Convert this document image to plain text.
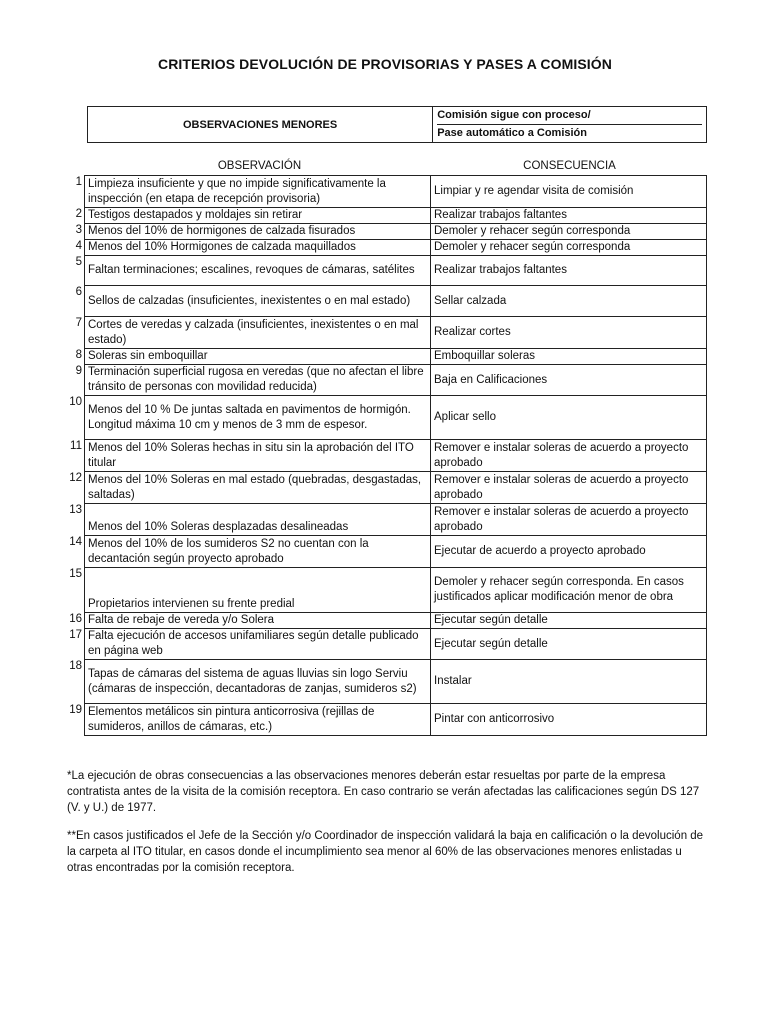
CRITERIOS DEVOLUCIÓN DE PROVISORIAS Y PASES A COMISIÓN
OBSERVACIONES MENORES	
Comisión sigue con proceso/
Pase automático a Comisión
OBSERVACIÓN	CONSECUENCIA
1	Limpieza insuficiente y que no impide significativamente la inspección (en etapa de recepción provisoria)	Limpiar y re agendar visita de comisión
2	Testigos destapados y moldajes sin retirar	Realizar trabajos faltantes
3	Menos del 10% de hormigones de calzada fisurados	Demoler y rehacer según corresponda
4	Menos del 10% Hormigones de calzada maquillados	Demoler y rehacer según corresponda
5	Faltan terminaciones; escalines, revoques de cámaras, satélites	Realizar trabajos faltantes
6	Sellos de calzadas (insuficientes, inexistentes o en mal estado)	Sellar calzada
7	Cortes de veredas y calzada (insuficientes, inexistentes o en mal estado)	Realizar cortes
8	Soleras sin emboquillar	Emboquillar soleras
9	Terminación superficial rugosa en veredas (que no afectan el libre tránsito de personas con movilidad reducida)	Baja en Calificaciones
10	Menos del 10 % De juntas saltada en pavimentos de hormigón. Longitud máxima 10 cm y menos de 3 mm de espesor.	Aplicar sello
11	Menos del 10% Soleras hechas in situ sin la aprobación del ITO titular	Remover e instalar soleras de acuerdo a proyecto aprobado
12	Menos del 10% Soleras en mal estado (quebradas, desgastadas, saltadas)	Remover e instalar soleras de acuerdo a proyecto aprobado
13	Menos del 10% Soleras desplazadas desalineadas	Remover e instalar soleras de acuerdo a proyecto aprobado
14	Menos del 10% de los sumideros S2 no cuentan con la decantación según proyecto aprobado	Ejecutar de acuerdo a proyecto aprobado
15	Propietarios intervienen su frente predial	Demoler y rehacer según corresponda. En casos justificados aplicar modificación menor de obra
16	Falta de rebaje de vereda y/o Solera	Ejecutar según detalle
17	Falta ejecución de accesos unifamiliares según detalle publicado en página web	Ejecutar según detalle
18	Tapas de cámaras del sistema de aguas lluvias sin logo Serviu (cámaras de inspección, decantadoras de zanjas, sumideros s2)	Instalar
19	Elementos metálicos sin pintura anticorrosiva (rejillas de sumideros, anillos de cámaras, etc.)	Pintar con anticorrosivo
*La ejecución de obras consecuencias a las observaciones menores deberán estar resueltas por parte de la empresa contratista antes de la visita de la comisión receptora. En caso contrario se verán afectadas las calificaciones según DS 127 (V. y U.) de 1977.
**En casos justificados el Jefe de la Sección y/o Coordinador de inspección validará la baja en calificación o la devolución de la carpeta al ITO titular, en casos donde el incumplimiento sea menor al 60% de las observaciones menores enlistadas u otras encontradas por la comisión receptora.
